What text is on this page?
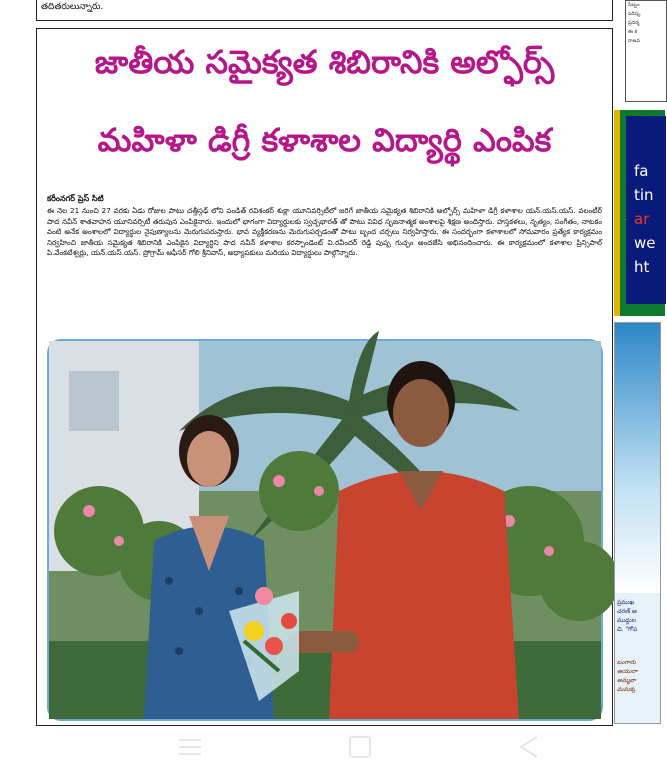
తదితరులున్నారు.
జాతీయ సమైక్యత శిబిరానికి అల్ఫోర్స్
మహిళా డిగ్రీ కళాశాల విద్యార్థి ఎంపిక
కరీంనగర్ ప్రెస్ సిటి
ఈ నెల 21 నుంచి 27 వరకు ఏడు రోజుల పాటు చత్తీస్గఢ్ లోని పండిత్ రవిశంకర్ శుక్లా యూనివర్సిటీలో జరిగే జాతీయ సమైక్యత శిబిరానికి అల్ఫోర్స్ మహిళా డిగ్రీ కళాశాల యన్.యస్.యస్. వలంటీర్ పాద నవీన్ శాతవాహన యూనివర్సిటీ తరుపున ఎంపికైనారు. ఇందులో భాగంగా విద్యార్థులకు స్వచ్ఛభారత్ తో పాటు వివిధ సృజనాత్మక అంశాలపై శిక్షణ అందిస్తారు. హస్తకళలు, నృత్యం, సంగీతం, నాటకం వంటి అనేక అంశాలలో విద్యార్థుల నైపుణ్యాలను మెరుగుపరుస్తారు. భావ వ్యక్తీకరణను మెరుగుపర్చడంతో పాటు బృంద చర్చలు నిర్వహిస్తారు. ఈ సందర్భంగా కళాశాలలో సోమవారం ప్రత్యేక కార్యక్రమం నిర్వహించి జాతీయ సమైక్యత శిబిరానికి ఎంపికైన విద్యార్థిని పాద నవీన్ కళాశాల కరస్పాండెంట్ వి.రవీందర్ రెడ్డి పుష్ప గుచ్ఛం అందజేసి అభినందించారు. ఈ కార్యక్రమంలో కళాశాల ప్రిన్సిపాల్ పి.వేంకటేశ్వర్లు, యన్.యస్.యస్. ప్రోగ్రామ్ ఆఫీసర్ గోలి శ్రీనివాస్, అధ్యాపకులు మరియు విద్యార్థులు పాల్గొన్నారు.
సిబ్బం
పరిష్క
ప్రదర్శ
ఈ క
రాజవ
fa
tin
ar
we
ht
ప్రముఖ
చరణ్ అ
ముద్దుల
చి. "గోప
బంగారు
ఆయురా
అమ్మవా
మమక్క
